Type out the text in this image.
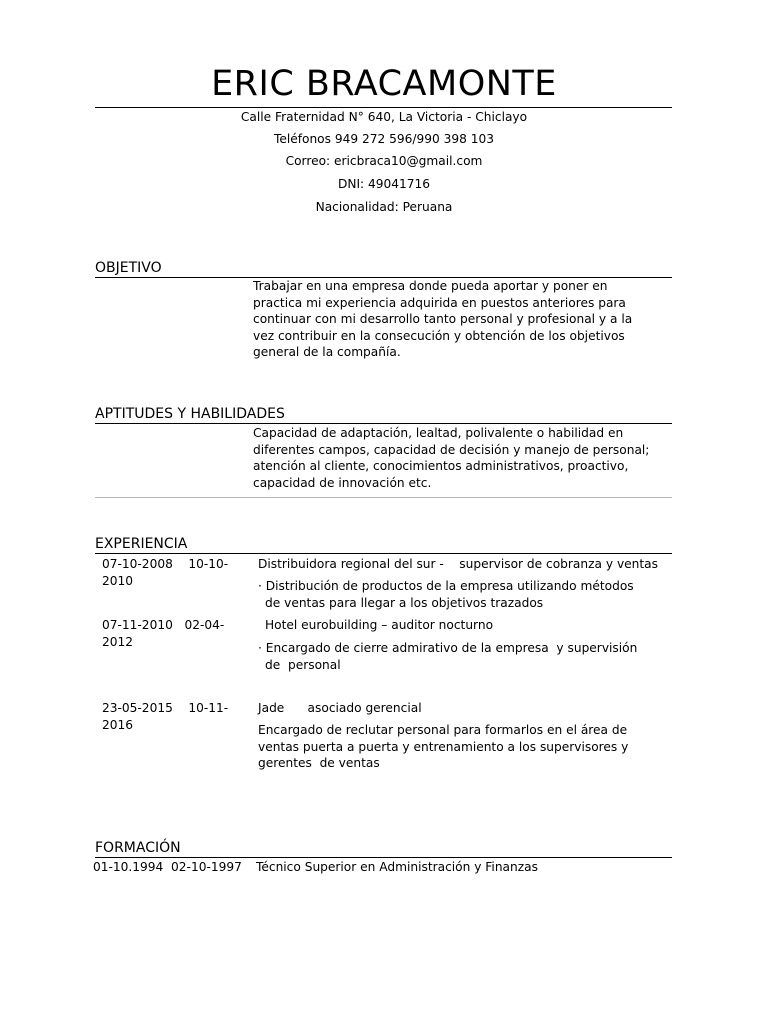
ERIC BRACAMONTE
Calle Fraternidad N° 640, La Victoria - Chiclayo
Teléfonos 949 272 596/990 398 103
Correo: ericbraca10@gmail.com
DNI: 49041716
Nacionalidad: Peruana
OBJETIVO
Trabajar en una empresa donde pueda aportar y poner en
practica mi experiencia adquirida en puestos anteriores para
continuar con mi desarrollo tanto personal y profesional y a la
vez contribuir en la consecución y obtención de los objetivos
general de la compañía.
APTITUDES Y HABILIDADES
Capacidad de adaptación, lealtad, polivalente o habilidad en
diferentes campos, capacidad de decisión y manejo de personal;
atención al cliente, conocimientos administrativos, proactivo,
capacidad de innovación etc.
EXPERIENCIA
07-10-2008    10-10-
2010
Distribuidora regional del sur -    supervisor de cobranza y ventas
· Distribución de productos de la empresa utilizando métodos
de ventas para llegar a los objetivos trazados
07-11-2010   02-04-
2012
Hotel eurobuilding – auditor nocturno
· Encargado de cierre admirativo de la empresa  y supervisión
de  personal
23-05-2015    10-11-
2016
Jade      asociado gerencial
Encargado de reclutar personal para formarlos en el área de
ventas puerta a puerta y entrenamiento a los supervisores y
gerentes  de ventas
FORMACIÓN
01-10.1994  02-10-1997 Técnico Superior en Administración y Finanzas
